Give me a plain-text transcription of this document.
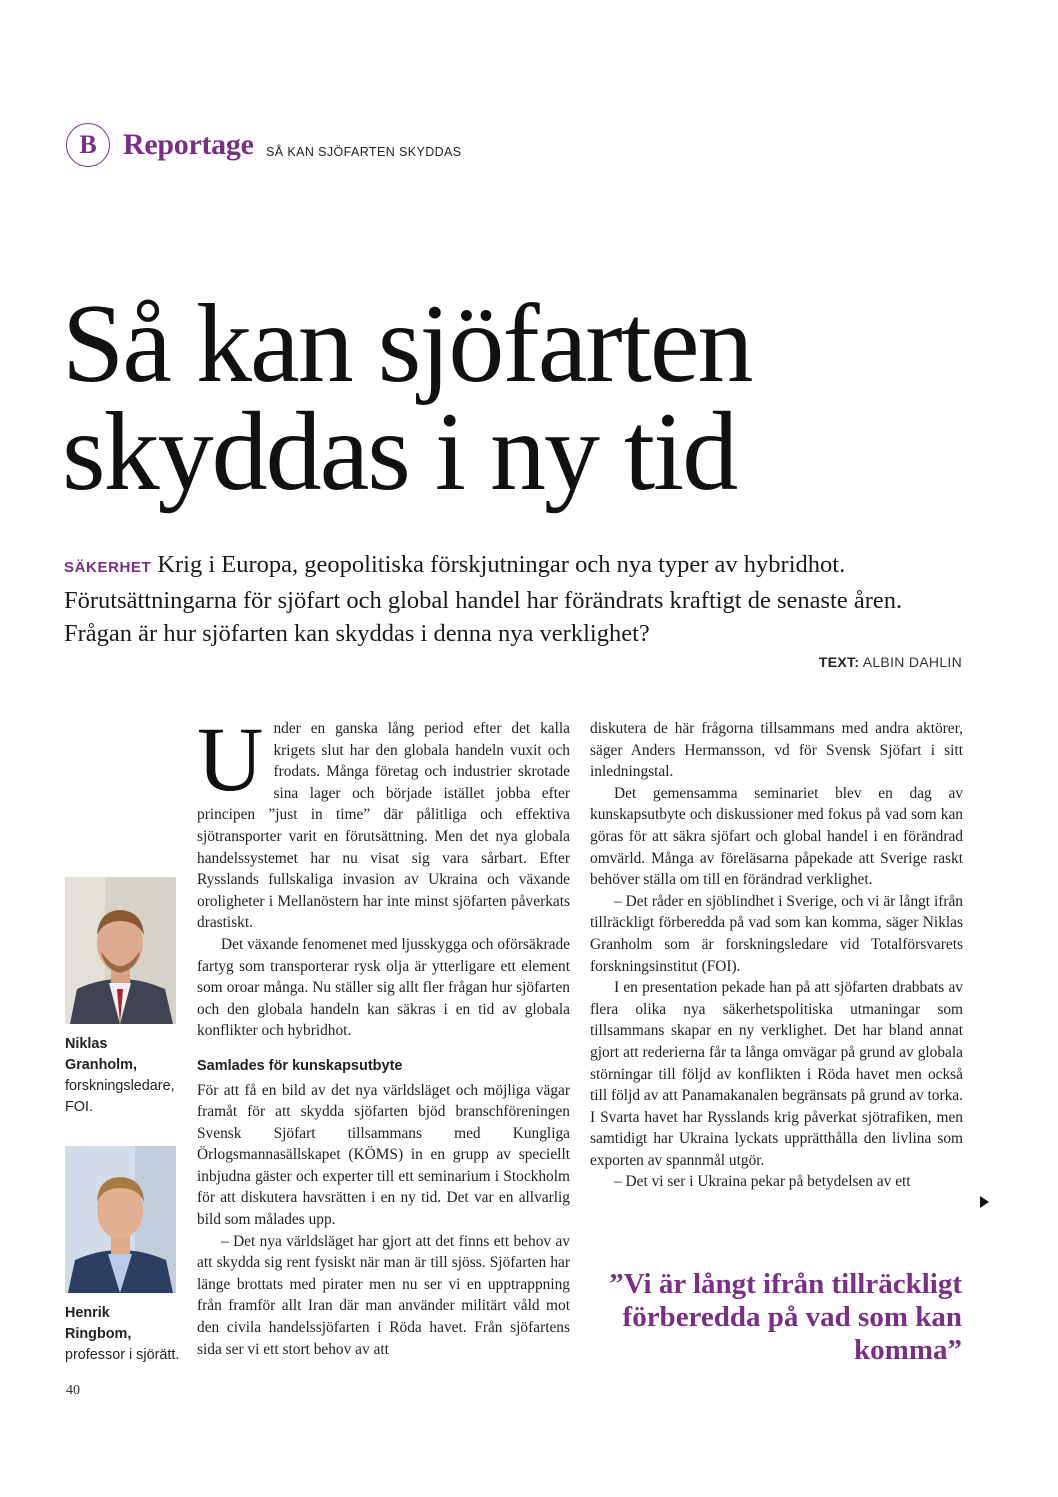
B Reportage SÅ KAN SJÖFARTEN SKYDDAS
Så kan sjöfarten
skyddas i ny tid

SÄKERHET Krig i Europa, geopolitiska förskjutningar och nya typer av hybridhot. Förutsättningarna för sjöfart och global handel har förändrats kraftigt de senaste åren. Frågan är hur sjöfarten kan skyddas i denna nya verklighet?

TEXT: ALBIN DAHLIN

Under en ganska lång period efter det kalla krigets slut har den globala handeln vuxit och frodats. Många företag och industrier skrotade sina lager och började istället jobba efter principen ”just in time” där pålitliga och effektiva sjötransporter varit en förutsättning. Men det nya globala handelssystemet har nu visat sig vara sårbart. Efter Rysslands fullskaliga invasion av Ukraina och växande oroligheter i Mellanöstern har inte minst sjöfarten påverkats drastiskt.

Det växande fenomenet med ljusskygga och oförsäkrade fartyg som transporterar rysk olja är ytterligare ett element som oroar många. Nu ställer sig allt fler frågan hur sjöfarten och den globala handeln kan säkras i en tid av globala konflikter och hybridhot.

Samlades för kunskapsutbyte

För att få en bild av det nya världsläget och möjliga vägar framåt för att skydda sjöfarten bjöd branschföreningen Svensk Sjöfart tillsammans med Kungliga Örlogsmannasällskapet (KÖMS) in en grupp av speciellt inbjudna gäster och experter till ett seminarium i Stockholm för att diskutera havsrätten i en ny tid. Det var en allvarlig bild som målades upp.

– Det nya världsläget har gjort att det finns ett behov av att skydda sig rent fysiskt när man är till sjöss. Sjöfarten har länge brottats med pirater men nu ser vi en upptrappning från framför allt Iran där man använder militärt våld mot den civila handelssjöfarten i Röda havet. Från sjöfartens sida ser vi ett stort behov av att

diskutera de här frågorna tillsammans med andra aktörer, säger Anders Hermansson, vd för Svensk Sjöfart i sitt inledningstal.

Det gemensamma seminariet blev en dag av kunskapsutbyte och diskussioner med fokus på vad som kan göras för att säkra sjöfart och global handel i en förändrad omvärld. Många av föreläsarna påpekade att Sverige raskt behöver ställa om till en förändrad verklighet.

– Det råder en sjöblindhet i Sverige, och vi är långt ifrån tillräckligt förberedda på vad som kan komma, säger Niklas Granholm som är forskningsledare vid Totalförsvarets forskningsinstitut (FOI).

I en presentation pekade han på att sjöfarten drabbats av flera olika nya säkerhetspolitiska utmaningar som tillsammans skapar en ny verklighet. Det har bland annat gjort att rederierna får ta långa omvägar på grund av globala störningar till följd av konflikten i Röda havet men också till följd av att Panamakanalen begränsats på grund av torka. I Svarta havet har Rysslands krig påverkat sjötrafiken, men samtidigt har Ukraina lyckats upprätthålla den livlina som exporten av spannmål utgör.

– Det vi ser i Ukraina pekar på betydelsen av ett

Niklas Granholm,
forskningsledare, FOI.
Henrik Ringbom, professor i sjörätt.

”Vi är långt ifrån tillräckligt förberedda på vad som kan komma”

40
